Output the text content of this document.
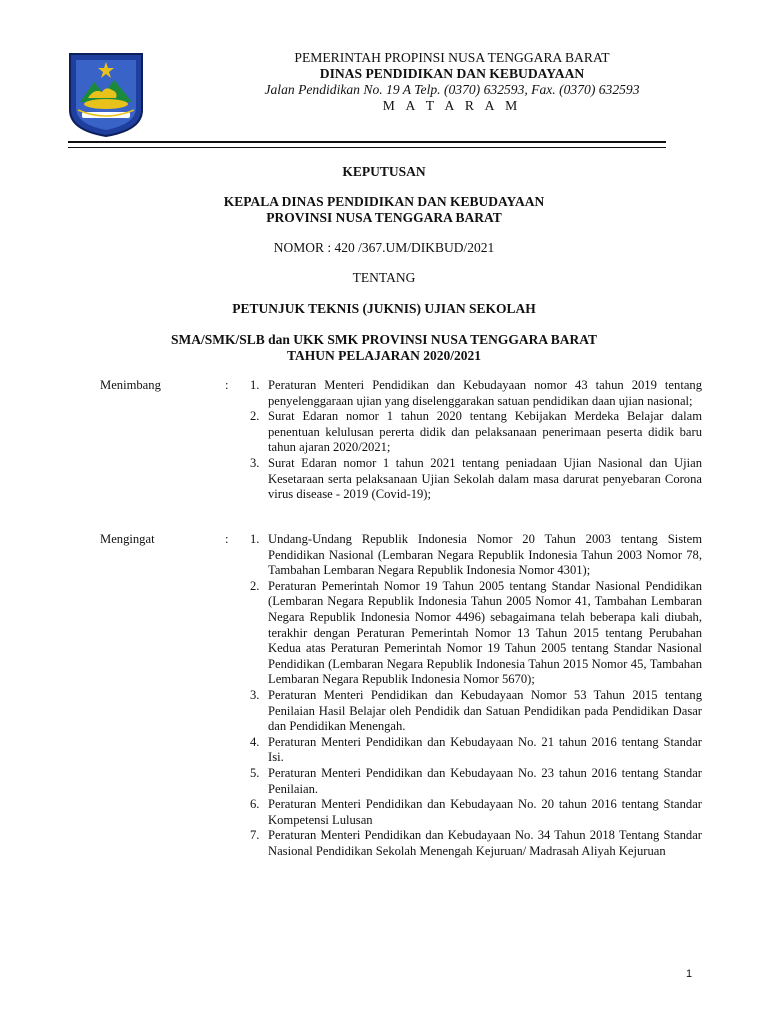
PEMERINTAH PROPINSI NUSA TENGGARA BARAT
DINAS PENDIDIKAN DAN KEBUDAYAAN
Jalan Pendidikan No. 19 A Telp. (0370) 632593, Fax. (0370) 632593
M A T A R A M
KEPUTUSAN
KEPALA DINAS PENDIDIKAN DAN KEBUDAYAAN
PROVINSI NUSA TENGGARA BARAT
NOMOR : 420 /367.UM/DIKBUD/2021
TENTANG
PETUNJUK TEKNIS (JUKNIS) UJIAN SEKOLAH
SMA/SMK/SLB dan UKK SMK PROVINSI NUSA TENGGARA BARAT
TAHUN PELAJARAN 2020/2021
Menimbang	: 1. Peraturan Menteri Pendidikan dan Kebudayaan nomor 43 tahun 2019 tentang penyelenggaraan ujian yang diselenggarakan satuan pendidikan daan ujian nasional;
2. Surat Edaran nomor 1 tahun 2020 tentang Kebijakan Merdeka Belajar dalam penentuan kelulusan pererta didik dan pelaksanaan penerimaan peserta didik baru tahun ajaran 2020/2021;
3. Surat Edaran nomor 1 tahun 2021 tentang peniadaan Ujian Nasional dan Ujian Kesetaraan serta pelaksanaan Ujian Sekolah dalam masa darurat penyebaran Corona virus disease - 2019 (Covid-19);
Mengingat	: 1. Undang-Undang Republik Indonesia Nomor 20 Tahun 2003 tentang Sistem Pendidikan Nasional (Lembaran Negara Republik Indonesia Tahun 2003 Nomor 78, Tambahan Lembaran Negara Republik Indonesia Nomor 4301);
2. Peraturan Pemerintah Nomor 19 Tahun 2005 tentang Standar Nasional Pendidikan (Lembaran Negara Republik Indonesia Tahun 2005 Nomor 41, Tambahan Lembaran Negara Republik Indonesia Nomor 4496) sebagaimana telah beberapa kali diubah, terakhir dengan Peraturan Pemerintah Nomor 13 Tahun 2015 tentang Perubahan Kedua atas Peraturan Pemerintah Nomor 19 Tahun 2005 tentang Standar Nasional Pendidikan (Lembaran Negara Republik Indonesia Tahun 2015 Nomor 45, Tambahan Lembaran Negara Republik Indonesia Nomor 5670);
3. Peraturan Menteri Pendidikan dan Kebudayaan Nomor 53 Tahun 2015 tentang Penilaian Hasil Belajar oleh Pendidik dan Satuan Pendidikan pada Pendidikan Dasar dan Pendidikan Menengah.
4. Peraturan Menteri Pendidikan dan Kebudayaan No. 21 tahun 2016 tentang Standar Isi.
5. Peraturan Menteri Pendidikan dan Kebudayaan No. 23 tahun 2016 tentang Standar Penilaian.
6. Peraturan Menteri Pendidikan dan Kebudayaan No. 20 tahun 2016 tentang Standar Kompetensi Lulusan
7. Peraturan Menteri Pendidikan dan Kebudayaan No. 34 Tahun 2018 Tentang Standar Nasional Pendidikan Sekolah Menengah Kejuruan/ Madrasah Aliyah Kejuruan
1
